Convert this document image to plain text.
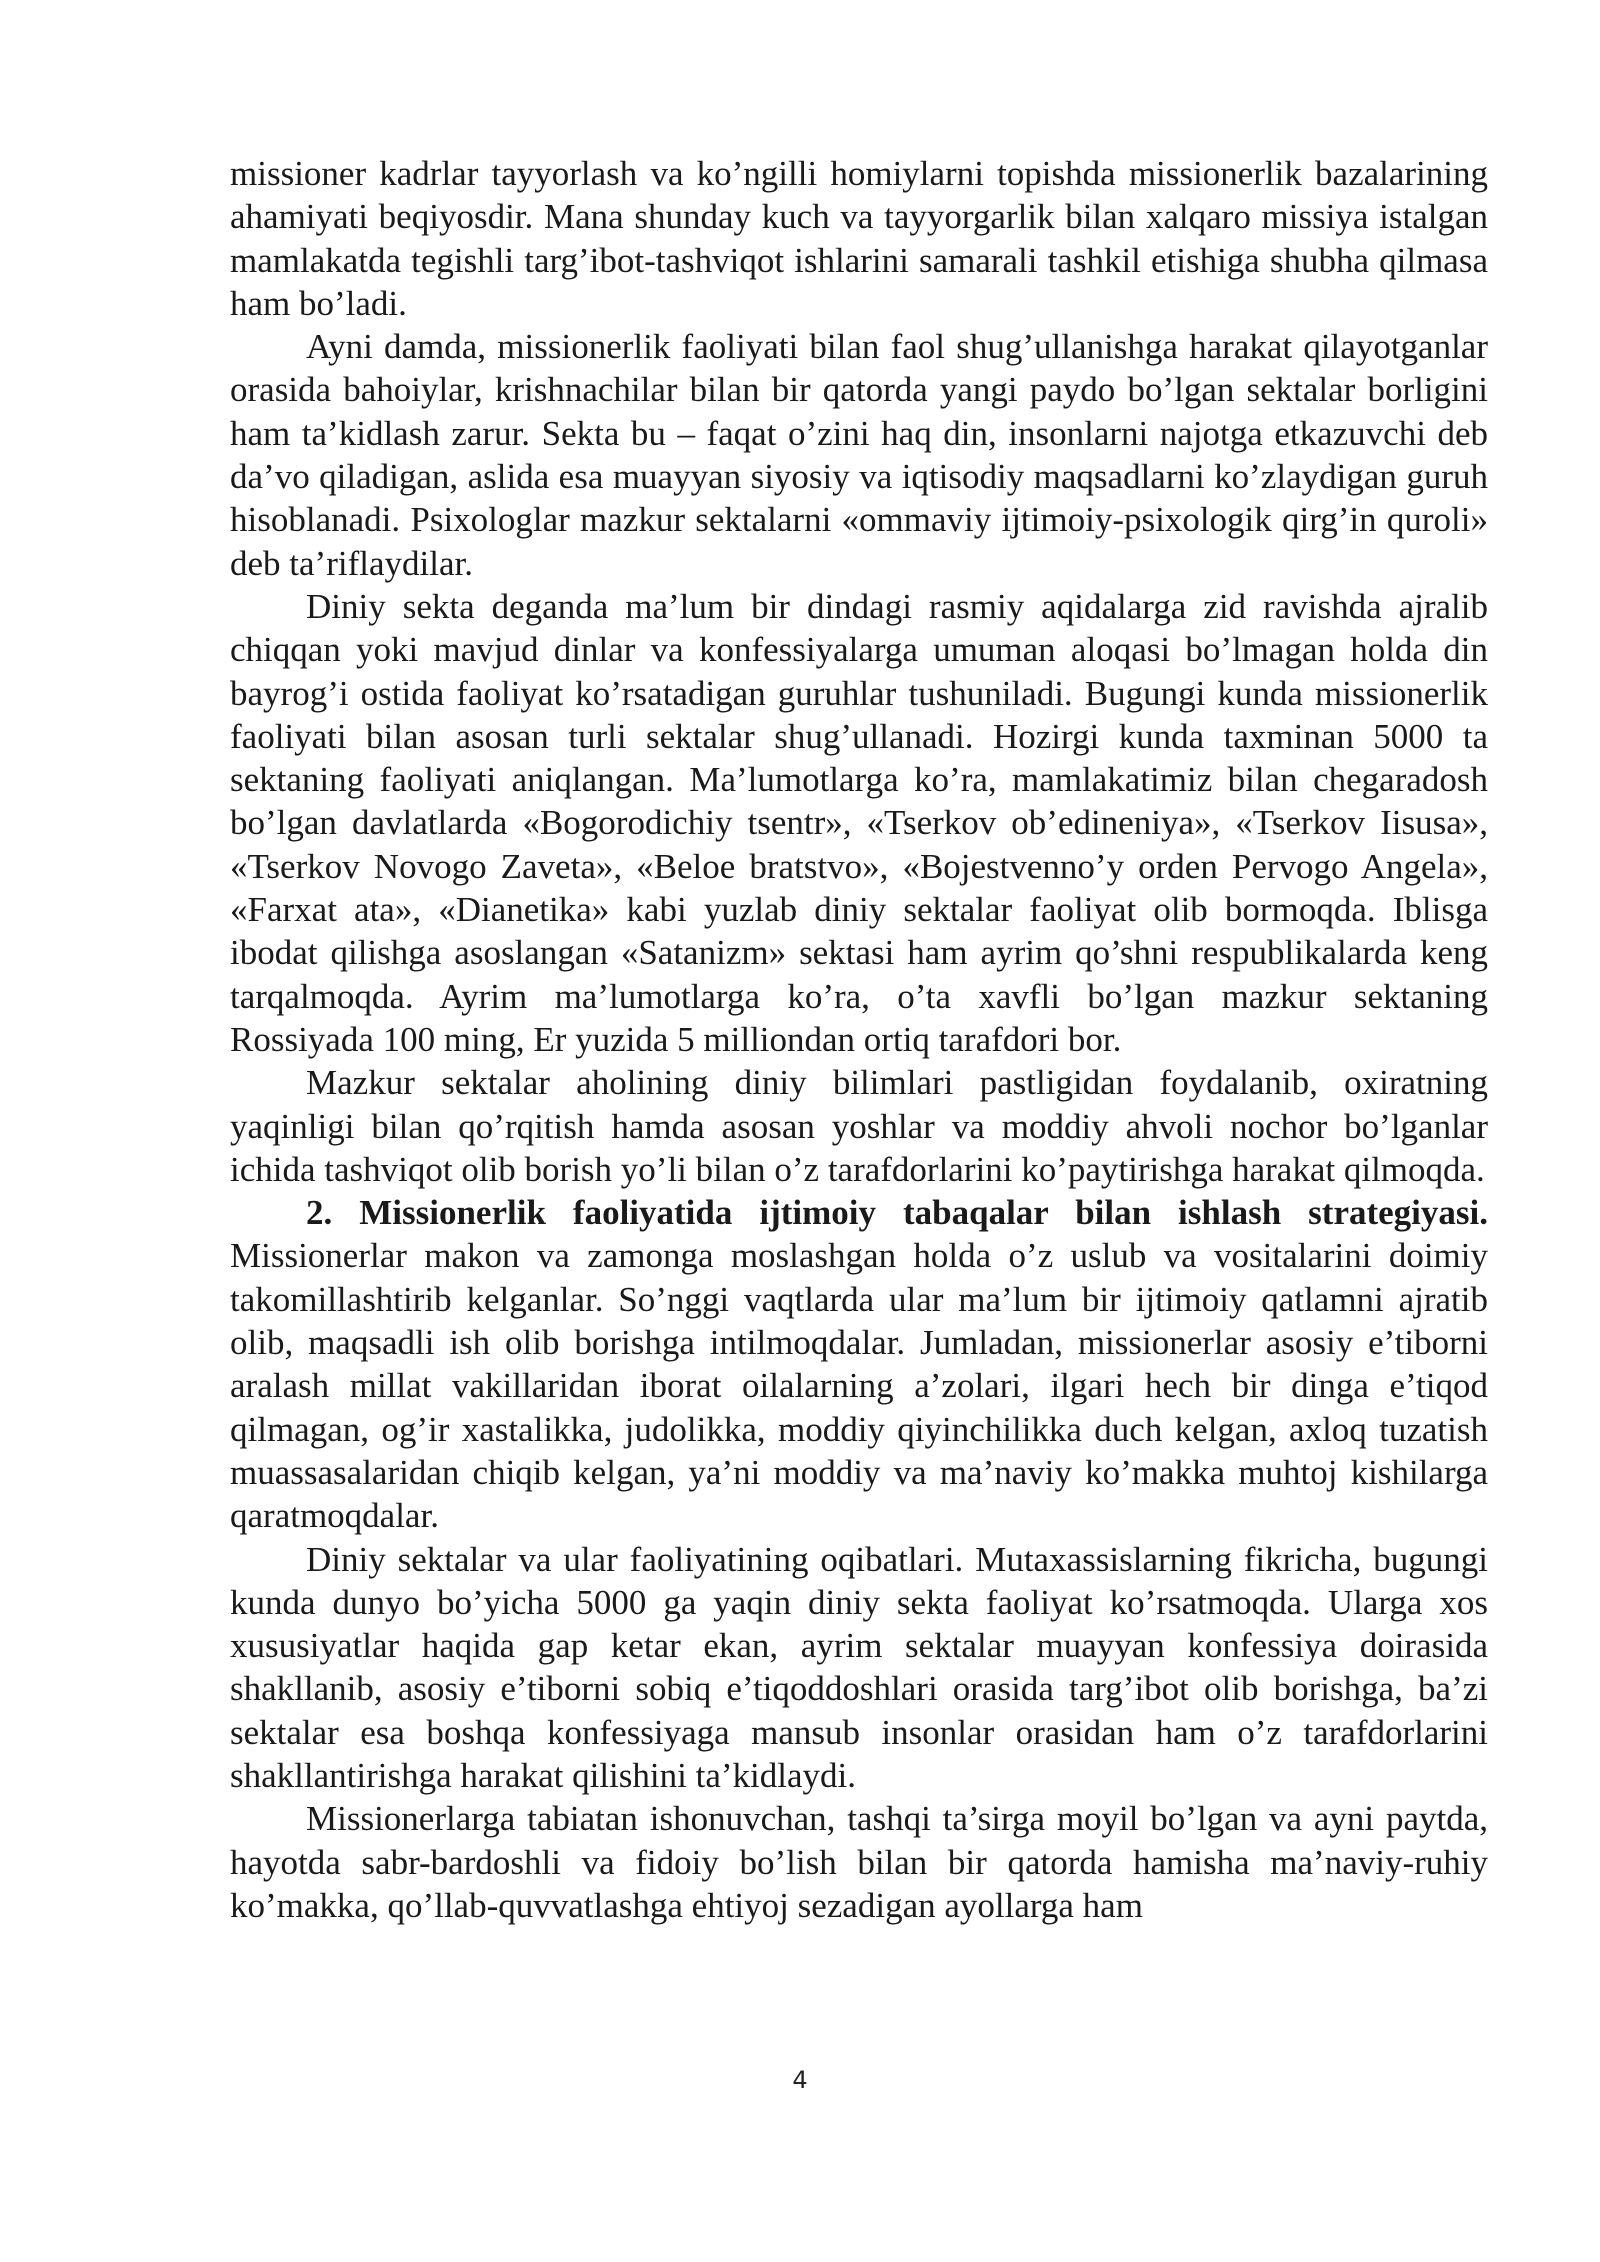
missioner kadrlar tayyorlash va ko’ngilli homiylarni topishda missionerlik bazalarining ahamiyati beqiyosdir. Mana shunday kuch va tayyorgarlik bilan xalqaro missiya istalgan mamlakatda tegishli targ’ibot-tashviqot ishlarini samarali tashkil etishiga shubha qilmasa ham bo’ladi.

Ayni damda, missionerlik faoliyati bilan faol shug’ullanishga harakat qilayotganlar orasida bahoiylar, krishnachilar bilan bir qatorda yangi paydo bo’lgan sektalar borligini ham ta’kidlash zarur. Sekta bu – faqat o’zini haq din, insonlarni najotga etkazuvchi deb da’vo qiladigan, aslida esa muayyan siyosiy va iqtisodiy maqsadlarni ko’zlaydigan guruh hisoblanadi. Psixologlar mazkur sektalarni «ommaviy ijtimoiy-psixologik qirg’in quroli» deb ta’riflaydilar.

Diniy sekta deganda ma’lum bir dindagi rasmiy aqidalarga zid ravishda ajralib chiqqan yoki mavjud dinlar va konfessiyalarga umuman aloqasi bo’lmagan holda din bayrog’i ostida faoliyat ko’rsatadigan guruhlar tushuniladi. Bugungi kunda missionerlik faoliyati bilan asosan turli sektalar shug’ullanadi. Hozirgi kunda taxminan 5000 ta sektaning faoliyati aniqlangan. Ma’lumotlarga ko’ra, mamlakatimiz bilan chegaradosh bo’lgan davlatlarda «Bogorodichiy tsentr», «Tserkov ob’edineniya», «Tserkov Iisusa», «Tserkov Novogo Zaveta», «Beloe bratstvo», «Bojestvenno’y orden Pervogo Angela», «Farxat ata», «Dianetika» kabi yuzlab diniy sektalar faoliyat olib bormoqda. Iblisga ibodat qilishga asoslangan «Satanizm» sektasi ham ayrim qo’shni respublikalarda keng tarqalmoqda. Ayrim ma’lumotlarga ko’ra, o’ta xavfli bo’lgan mazkur sektaning Rossiyada 100 ming, Er yuzida 5 milliondan ortiq tarafdori bor.

Mazkur sektalar aholining diniy bilimlari pastligidan foydalanib, oxiratning yaqinligi bilan qo’rqitish hamda asosan yoshlar va moddiy ahvoli nochor bo’lganlar ichida tashviqot olib borish yo’li bilan o’z tarafdorlarini ko’paytirishga harakat qilmoqda.

2. Missionerlik faoliyatida ijtimoiy tabaqalar bilan ishlash strategiyasi. Missionerlar makon va zamonga moslashgan holda o’z uslub va vositalarini doimiy takomillashtirib kelganlar. So’nggi vaqtlarda ular ma’lum bir ijtimoiy qatlamni ajratib olib, maqsadli ish olib borishga intilmoqdalar. Jumladan, missionerlar asosiy e’tiborni aralash millat vakillaridan iborat oilalarning a’zolari, ilgari hech bir dinga e’tiqod qilmagan, og’ir xastalikka, judolikka, moddiy qiyinchilikka duch kelgan, axloq tuzatish muassasalaridan chiqib kelgan, ya’ni moddiy va ma’naviy ko’makka muhtoj kishilarga qaratmoqdalar.

Diniy sektalar va ular faoliyatining oqibatlari. Mutaxassislarning fikricha, bugungi kunda dunyo bo’yicha 5000 ga yaqin diniy sekta faoliyat ko’rsatmoqda. Ularga xos xususiyatlar haqida gap ketar ekan, ayrim sektalar muayyan konfessiya doirasida shakllanib, asosiy e’tiborni sobiq e’tiqoddoshlari orasida targ’ibot olib borishga, ba’zi sektalar esa boshqa konfessiyaga mansub insonlar orasidan ham o’z tarafdorlarini shakllantirishga harakat qilishini ta’kidlaydi.

Missionerlarga tabiatan ishonuvchan, tashqi ta’sirga moyil bo’lgan va ayni paytda, hayotda sabr-bardoshli va fidoiy bo’lish bilan bir qatorda hamisha ma’naviy-ruhiy ko’makka, qo’llab-quvvatlashga ehtiyoj sezadigan ayollarga ham

4
